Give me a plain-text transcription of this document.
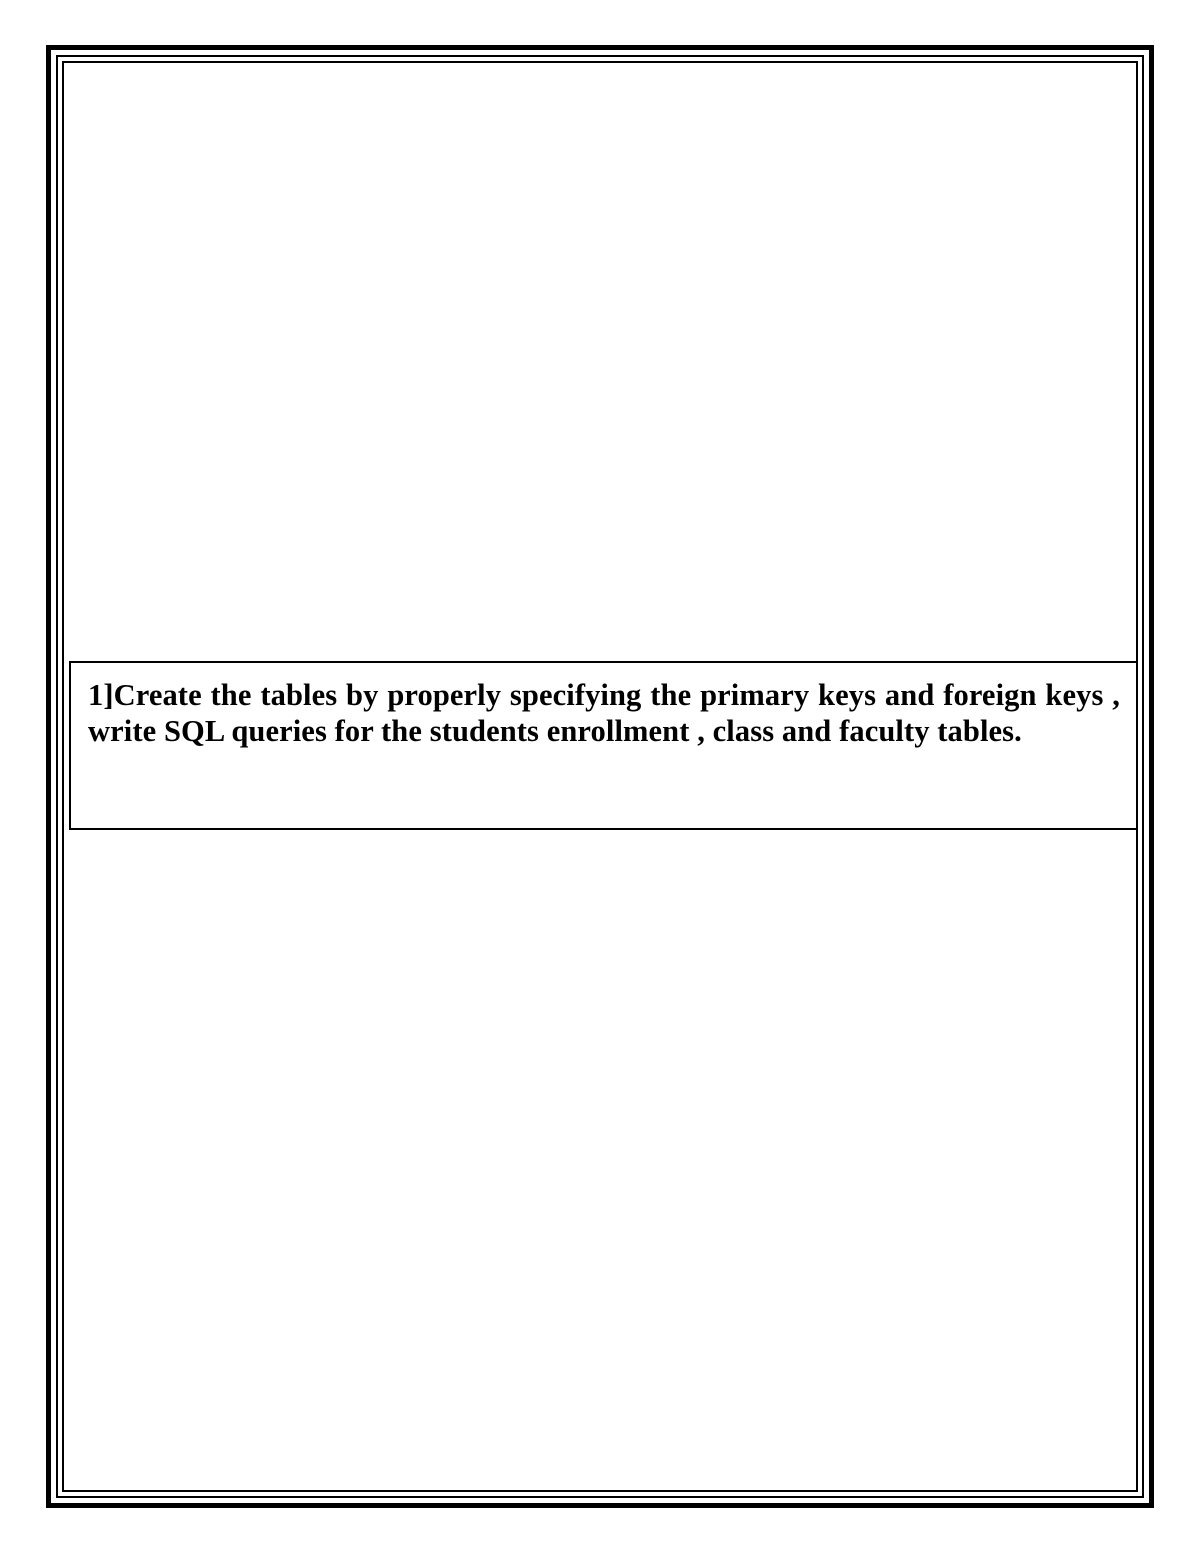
1]Create the tables by properly specifying the primary keys and foreign keys , write SQL queries for the students enrollment , class and faculty tables.
